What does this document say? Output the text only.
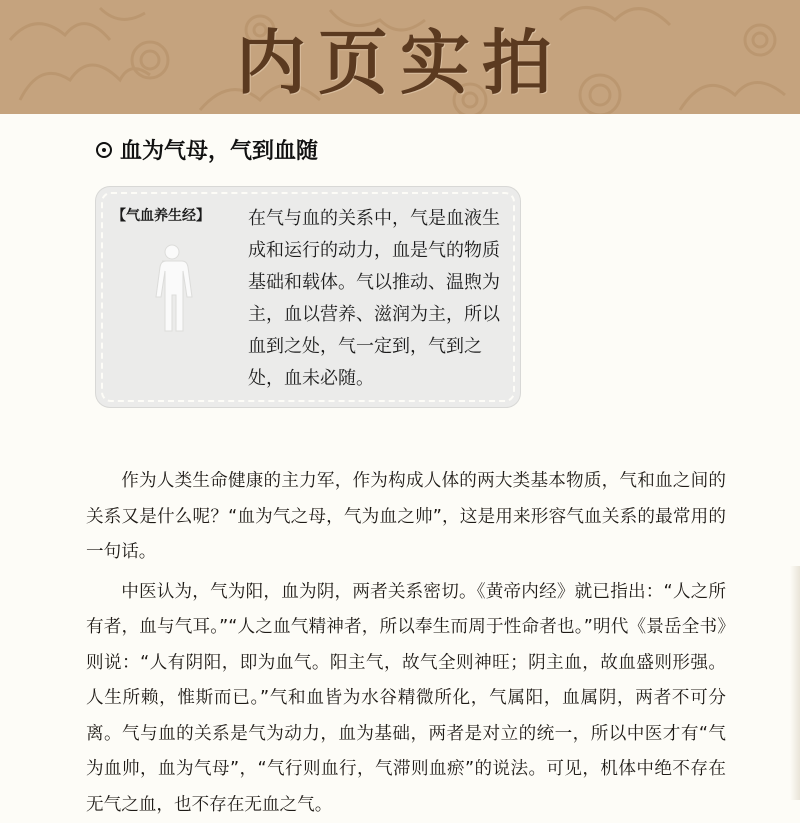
内页实拍
血为气母，气到血随
【气血养生经】 在气与血的关系中，气是血液生成和运行的动力，血是气的物质基础和载体。气以推动、温煦为主，血以营养、滋润为主，所以血到之处，气一定到，气到之处，血未必随。

作为人类生命健康的主力军，作为构成人体的两大类基本物质，气和血之间的关系又是什么呢？“血为气之母，气为血之帅”，这是用来形容气血关系的最常用的一句话。

中医认为，气为阳，血为阴，两者关系密切。《黄帝内经》就已指出：“人之所有者，血与气耳。”“人之血气精神者，所以奉生而周于性命者也。”明代《景岳全书》则说：“人有阴阳，即为血气。阳主气，故气全则神旺；阴主血，故血盛则形强。人生所赖，惟斯而已。”气和血皆为水谷精微所化，气属阳，血属阴，两者不可分离。气与血的关系是气为动力，血为基础，两者是对立的统一，所以中医才有“气为血帅，血为气母”，“气行则血行，气滞则血瘀”的说法。可见，机体中绝不存在无气之血，也不存在无血之气。
